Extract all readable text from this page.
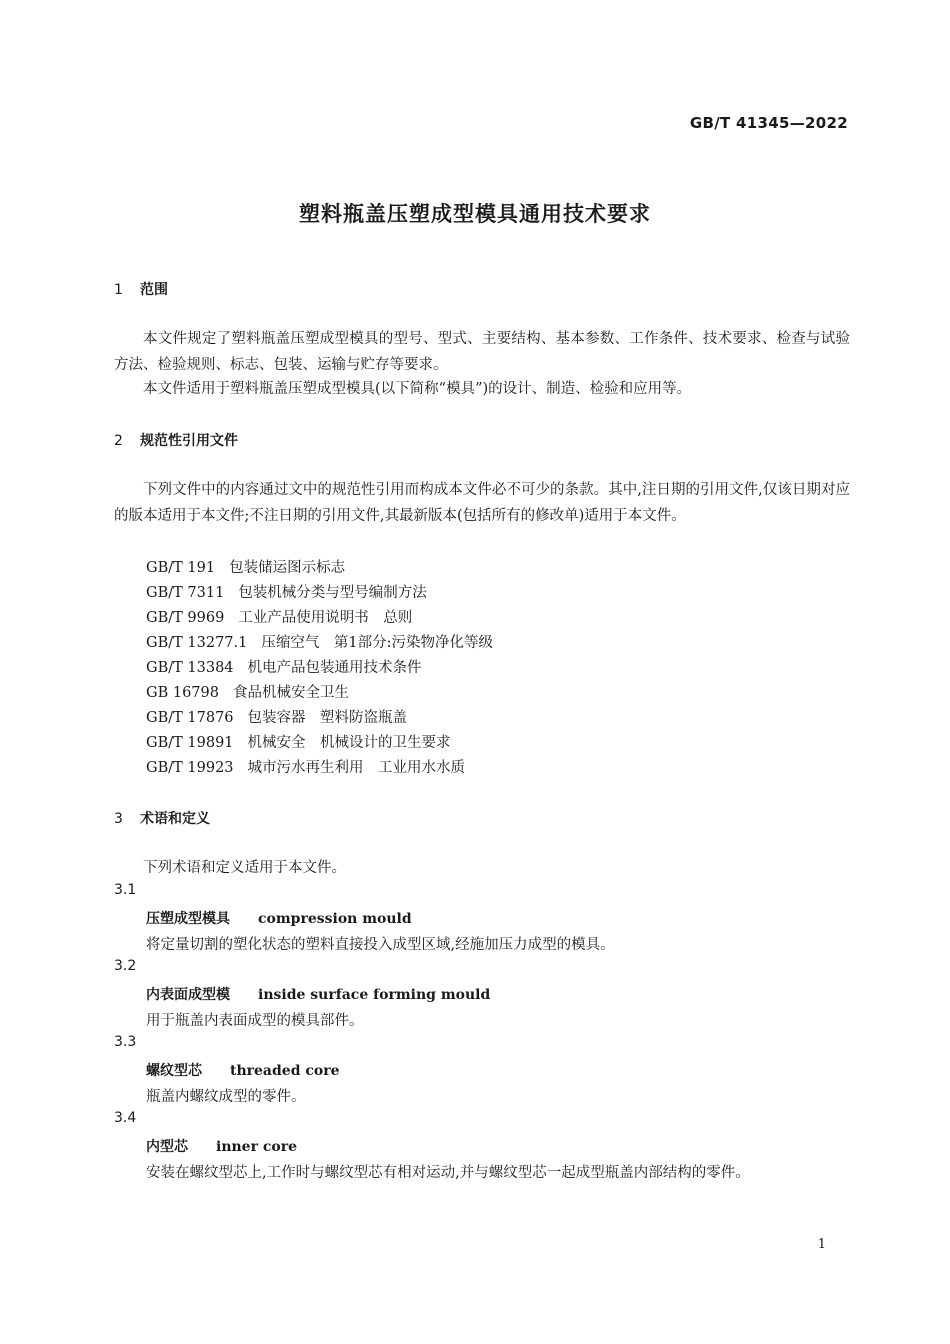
GB/T 41345—2022
塑料瓶盖压塑成型模具通用技术要求
1 范围
本文件规定了塑料瓶盖压塑成型模具的型号、型式、主要结构、基本参数、工作条件、技术要求、检查与试验方法、检验规则、标志、包装、运输与贮存等要求。
本文件适用于塑料瓶盖压塑成型模具(以下简称“模具”)的设计、制造、检验和应用等。
2 规范性引用文件
下列文件中的内容通过文中的规范性引用而构成本文件必不可少的条款。其中,注日期的引用文件,仅该日期对应的版本适用于本文件;不注日期的引用文件,其最新版本(包括所有的修改单)适用于本文件。
GB/T 191 包装储运图示标志
GB/T 7311 包装机械分类与型号编制方法
GB/T 9969 工业产品使用说明书　总则
GB/T 13277.1 压缩空气　第1部分:污染物净化等级
GB/T 13384 机电产品包装通用技术条件
GB 16798 食品机械安全卫生
GB/T 17876 包装容器　塑料防盗瓶盖
GB/T 19891 机械安全　机械设计的卫生要求
GB/T 19923 城市污水再生利用　工业用水水质
3 术语和定义
下列术语和定义适用于本文件。
3.1
压塑成型模具 compression mould
将定量切割的塑化状态的塑料直接投入成型区域,经施加压力成型的模具。
3.2
内表面成型模 inside surface forming mould
用于瓶盖内表面成型的模具部件。
3.3
螺纹型芯 threaded core
瓶盖内螺纹成型的零件。
3.4
内型芯 inner core
安装在螺纹型芯上,工作时与螺纹型芯有相对运动,并与螺纹型芯一起成型瓶盖内部结构的零件。
1
